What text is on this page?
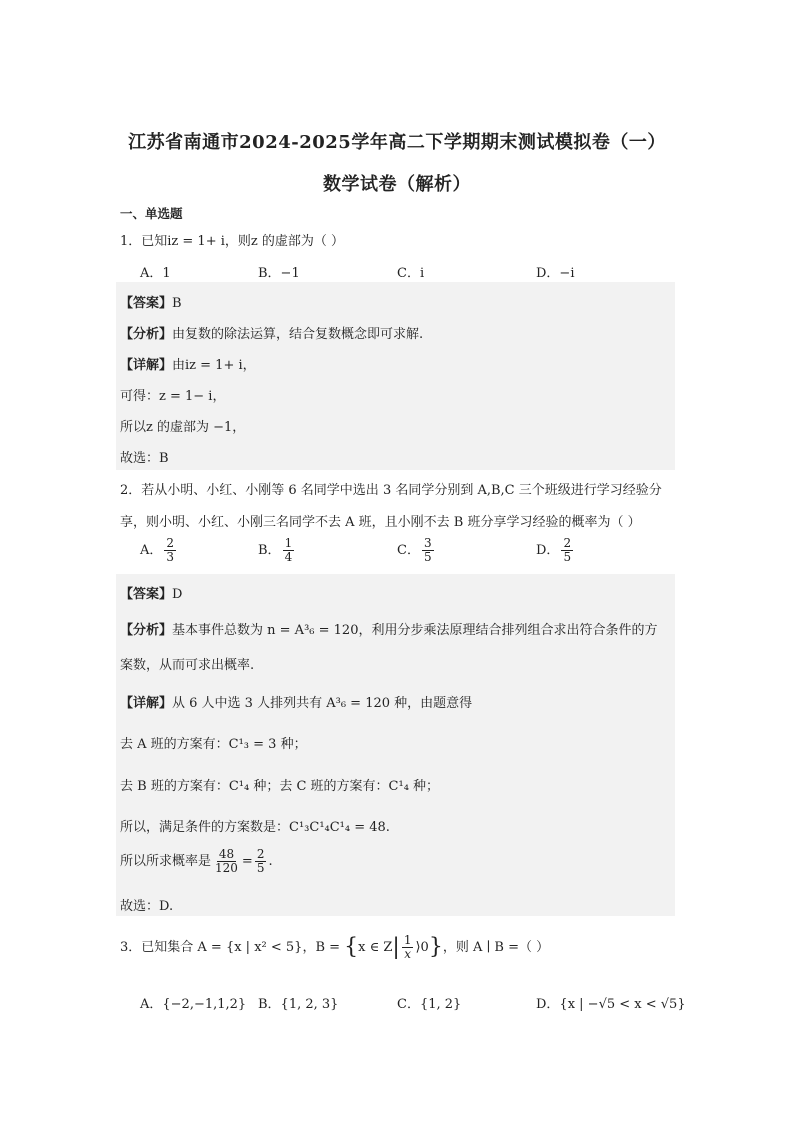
江苏省南通市2024-2025学年高二下学期期末测试模拟卷（一）
数学试卷（解析）
一、单选题
1．已知iz = 1+ i，则z 的虚部为（ ）
A．1	B．−1	C．i	D．−i
【答案】B
【分析】由复数的除法运算，结合复数概念即可求解.
【详解】由iz = 1+ i，
可得：z = 1− i，
所以z 的虚部为 −1，
故选：B
2．若从小明、小红、小刚等 6 名同学中选出 3 名同学分别到 A,B,C 三个班级进行学习经验分
享，则小明、小红、小刚三名同学不去 A 班，且小刚不去 B 班分享学习经验的概率为（ ）
A． $\frac{2}{3}$	B． $\frac{1}{4}$	C． $\frac{3}{5}$	D． $\frac{2}{5}$
【答案】D
【分析】基本事件总数为 n = A³₆ = 120，利用分步乘法原理结合排列组合求出符合条件的方
案数，从而可求出概率.
【详解】从 6 人中选 3 人排列共有 A³₆ = 120 种，由题意得
去 A 班的方案有：C¹₃ = 3 种；
去 B 班的方案有：C¹₄ 种；去 C 班的方案有：C¹₄ 种；
所以，满足条件的方案数是：C¹₃C¹₄C¹₄ = 48.
所以所求概率是 $\frac{48}{120} = \frac{2}{5}$ .
故选：D.
3．已知集合 A = {x | x² < 5}，B = {x ∈ $Z| \frac{1}{x}$ ⟩0}，则 A ∣ B =（ ）
A．{−2,−1,1,2} B．{1, 2, 3}	C．{1, 2}	D．{x | −√5 < x < √5}
